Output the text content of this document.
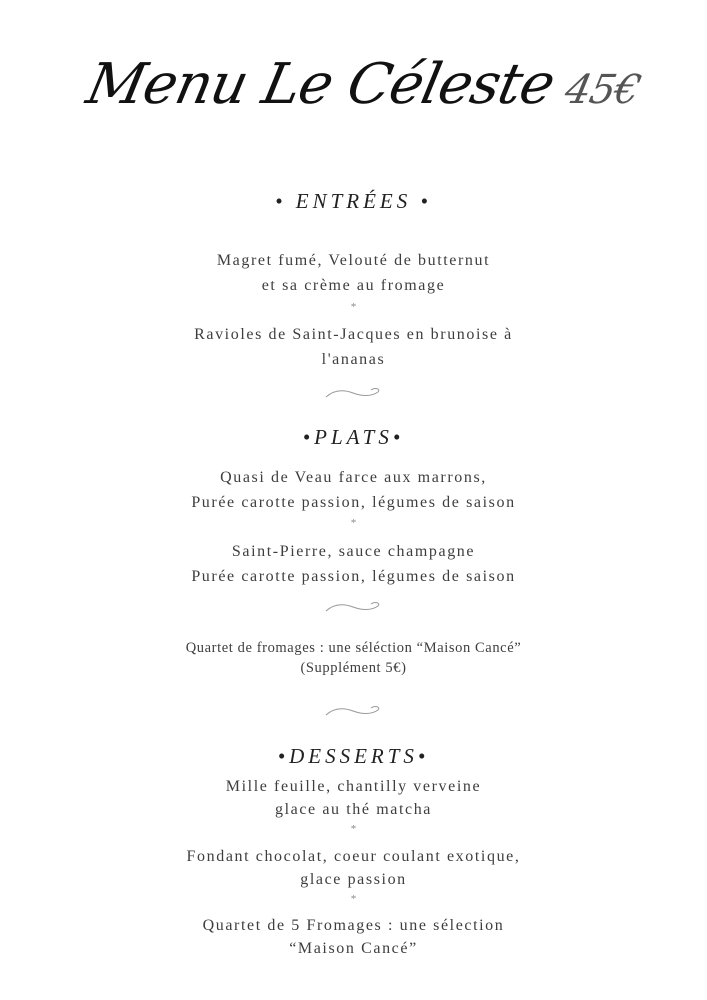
Menu Le Céleste45€
• ENTRÉES •
Magret fumé, Velouté de butternut
et sa crème au fromage
*
Ravioles de Saint-Jacques en brunoise à
l'ananas
•PLATS•
Quasi de Veau farce aux marrons,
Purée carotte passion, légumes de saison
*
Saint-Pierre, sauce champagne
Purée carotte passion, légumes de saison
Quartet de fromages : une séléction “Maison Cancé”
(Supplément 5€)
•DESSERTS•
Mille feuille, chantilly verveine
glace au thé matcha
*
Fondant chocolat, coeur coulant exotique,
glace passion
*
Quartet de 5 Fromages : une sélection
“Maison Cancé”
